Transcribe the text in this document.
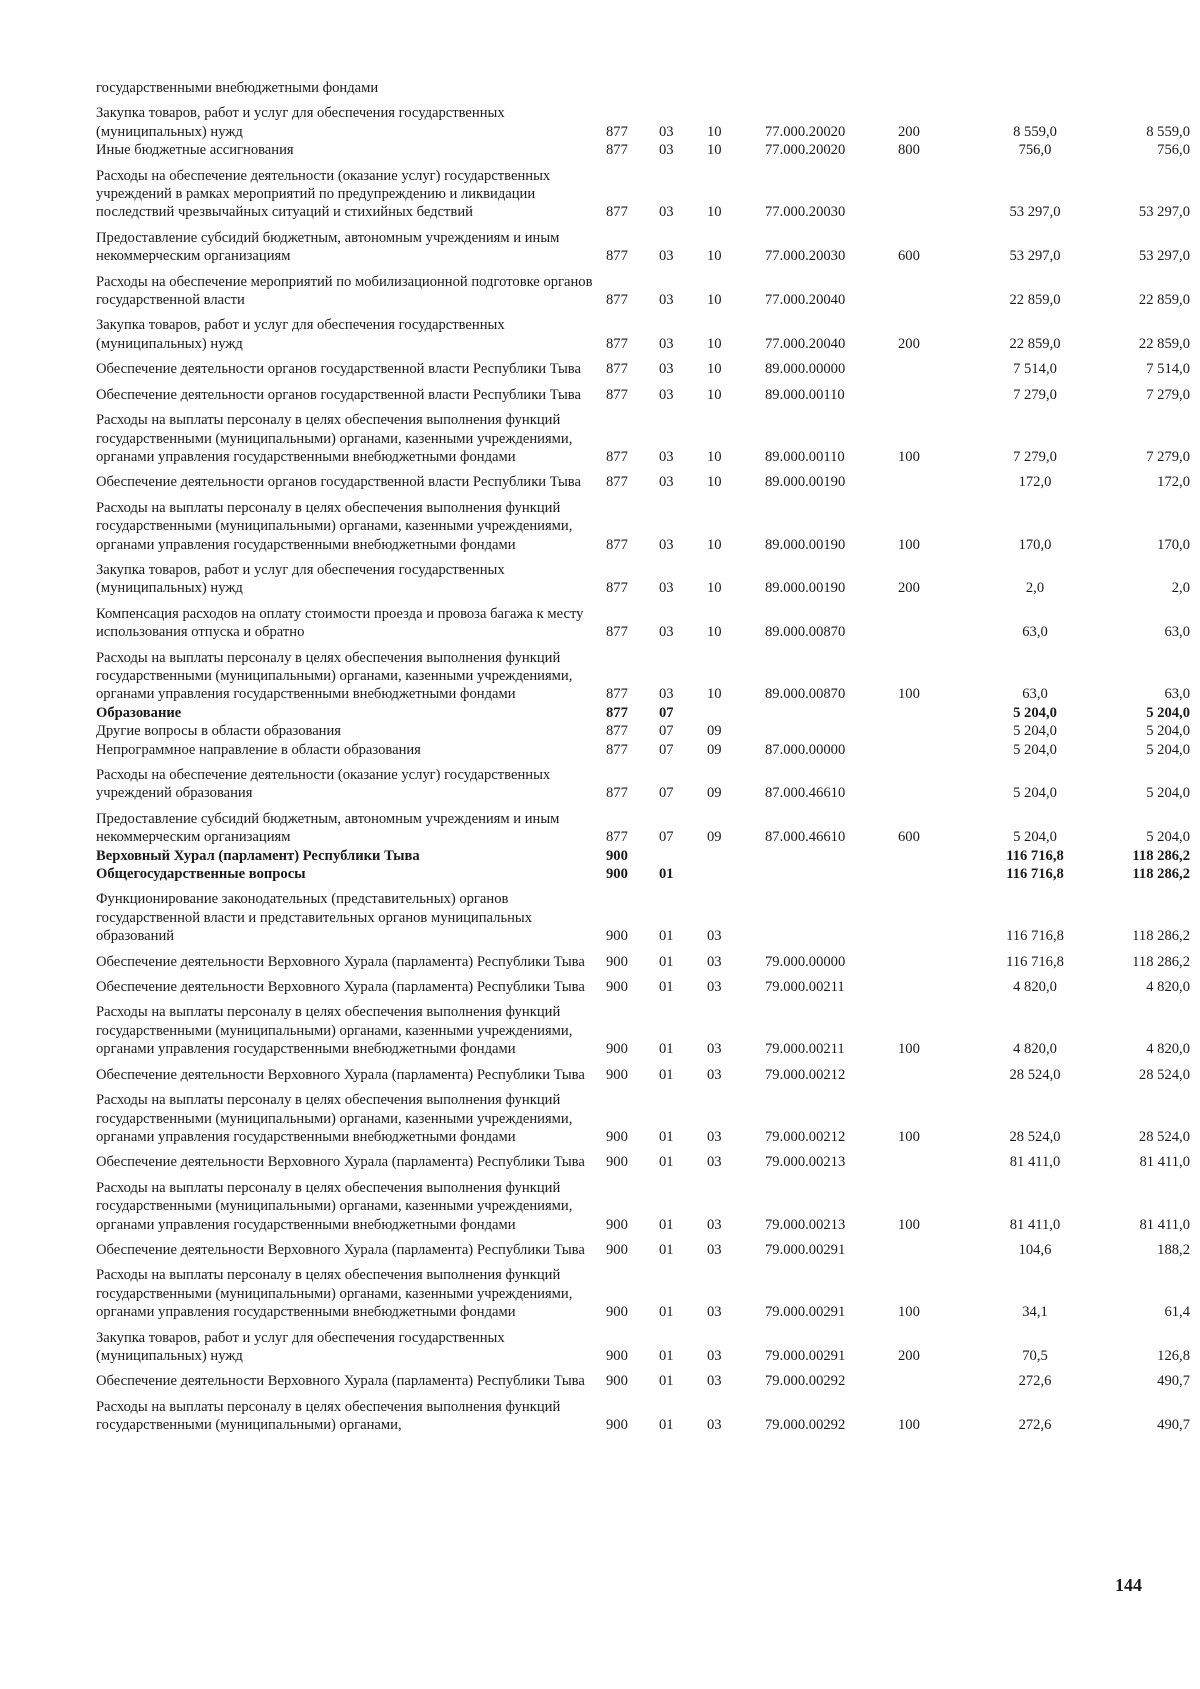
государственными внебюджетными фондами							
Закупка товаров, работ и услуг для обеспечения государственных (муниципальных) нужд	877	03	10	77.000.20020	200	8 559,0	8 559,0
Иные бюджетные ассигнования	877	03	10	77.000.20020	800	756,0	756,0
Расходы на обеспечение деятельности (оказание услуг) государственных учреждений в рамках мероприятий по предупреждению и ликвидации последствий чрезвычайных ситуаций и стихийных бедствий	877	03	10	77.000.20030		53 297,0	53 297,0
Предоставление субсидий бюджетным, автономным учреждениям и иным некоммерческим организациям	877	03	10	77.000.20030	600	53 297,0	53 297,0
Расходы на обеспечение мероприятий по мобилизационной подготовке органов государственной власти	877	03	10	77.000.20040		22 859,0	22 859,0
Закупка товаров, работ и услуг для обеспечения государственных (муниципальных) нужд	877	03	10	77.000.20040	200	22 859,0	22 859,0
Обеспечение деятельности органов государственной власти Республики Тыва	877	03	10	89.000.00000		7 514,0	7 514,0
Обеспечение деятельности органов государственной власти Республики Тыва	877	03	10	89.000.00110		7 279,0	7 279,0
Расходы на выплаты персоналу в целях обеспечения выполнения функций государственными (муниципальными) органами, казенными учреждениями, органами управления государственными внебюджетными фондами	877	03	10	89.000.00110	100	7 279,0	7 279,0
Обеспечение деятельности органов государственной власти Республики Тыва	877	03	10	89.000.00190		172,0	172,0
Расходы на выплаты персоналу в целях обеспечения выполнения функций государственными (муниципальными) органами, казенными учреждениями, органами управления государственными внебюджетными фондами	877	03	10	89.000.00190	100	170,0	170,0
Закупка товаров, работ и услуг для обеспечения государственных (муниципальных) нужд	877	03	10	89.000.00190	200	2,0	2,0
Компенсация расходов на оплату стоимости проезда и провоза багажа к месту использования отпуска и обратно	877	03	10	89.000.00870		63,0	63,0
Расходы на выплаты персоналу в целях обеспечения выполнения функций государственными (муниципальными) органами, казенными учреждениями, органами управления государственными внебюджетными фондами	877	03	10	89.000.00870	100	63,0	63,0
Образование	877	07				5 204,0	5 204,0
Другие вопросы в области образования	877	07	09			5 204,0	5 204,0
Непрограммное направление в области образования	877	07	09	87.000.00000		5 204,0	5 204,0
Расходы на обеспечение деятельности (оказание услуг) государственных учреждений образования	877	07	09	87.000.46610		5 204,0	5 204,0
Предоставление субсидий бюджетным, автономным учреждениям и иным некоммерческим организациям	877	07	09	87.000.46610	600	5 204,0	5 204,0
Верховный Хурал (парламент) Республики Тыва	900					116 716,8	118 286,2
Общегосударственные вопросы	900	01				116 716,8	118 286,2
Функционирование законодательных (представительных) органов государственной власти и представительных органов муниципальных образований	900	01	03			116 716,8	118 286,2
Обеспечение деятельности Верховного Хурала (парламента) Республики Тыва	900	01	03	79.000.00000		116 716,8	118 286,2
Обеспечение деятельности Верховного Хурала (парламента) Республики Тыва	900	01	03	79.000.00211		4 820,0	4 820,0
Расходы на выплаты персоналу в целях обеспечения выполнения функций государственными (муниципальными) органами, казенными учреждениями, органами управления государственными внебюджетными фондами	900	01	03	79.000.00211	100	4 820,0	4 820,0
Обеспечение деятельности Верховного Хурала (парламента) Республики Тыва	900	01	03	79.000.00212		28 524,0	28 524,0
Расходы на выплаты персоналу в целях обеспечения выполнения функций государственными (муниципальными) органами, казенными учреждениями, органами управления государственными внебюджетными фондами	900	01	03	79.000.00212	100	28 524,0	28 524,0
Обеспечение деятельности Верховного Хурала (парламента) Республики Тыва	900	01	03	79.000.00213		81 411,0	81 411,0
Расходы на выплаты персоналу в целях обеспечения выполнения функций государственными (муниципальными) органами, казенными учреждениями, органами управления государственными внебюджетными фондами	900	01	03	79.000.00213	100	81 411,0	81 411,0
Обеспечение деятельности Верховного Хурала (парламента) Республики Тыва	900	01	03	79.000.00291		104,6	188,2
Расходы на выплаты персоналу в целях обеспечения выполнения функций государственными (муниципальными) органами, казенными учреждениями, органами управления государственными внебюджетными фондами	900	01	03	79.000.00291	100	34,1	61,4
Закупка товаров, работ и услуг для обеспечения государственных (муниципальных) нужд	900	01	03	79.000.00291	200	70,5	126,8
Обеспечение деятельности Верховного Хурала (парламента) Республики Тыва	900	01	03	79.000.00292		272,6	490,7
Расходы на выплаты персоналу в целях обеспечения выполнения функций государственными (муниципальными) органами,	900	01	03	79.000.00292	100	272,6	490,7
144
